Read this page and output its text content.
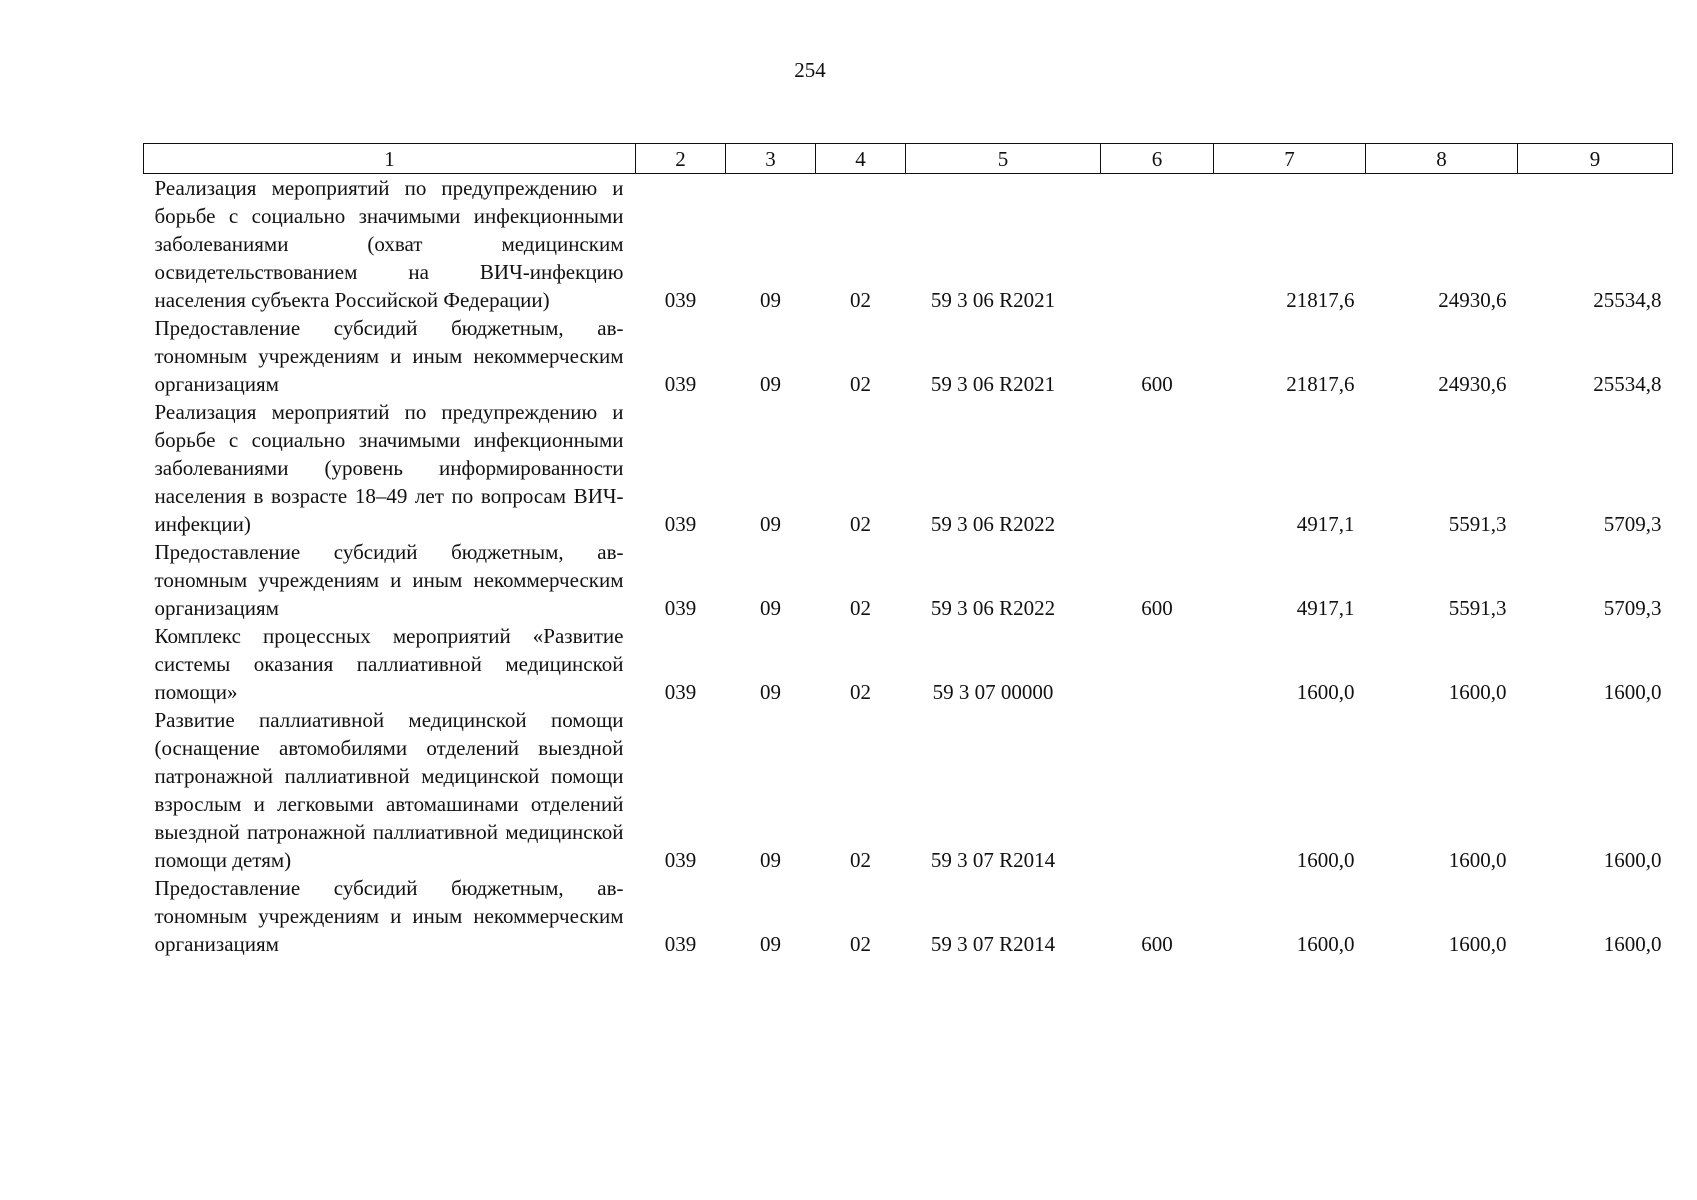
254
1	2	3	4	5	6	7	8	9
Реализация мероприятий по предупреждению и борьбе с социально значимыми инфекционными заболеваниями (охват медицинским освидетельствованием на ВИЧ-инфекцию населения субъекта Российской Федерации)	039	09	02	59 3 06 R2021		21817,6	24930,6	25534,8
Предоставление субсидий бюджетным, автономным учреждениям и иным некоммерческим организациям	039	09	02	59 3 06 R2021	600	21817,6	24930,6	25534,8
Реализация мероприятий по предупреждению и борьбе с социально значимыми инфекционными заболеваниями (уровень информированности населения в возрасте 18–49 лет по вопросам ВИЧ-инфекции)	039	09	02	59 3 06 R2022		4917,1	5591,3	5709,3
Предоставление субсидий бюджетным, автономным учреждениям и иным некоммерческим организациям	039	09	02	59 3 06 R2022	600	4917,1	5591,3	5709,3
Комплекс процессных мероприятий «Развитие системы оказания паллиативной медицинской помощи»	039	09	02	59 3 07 00000		1600,0	1600,0	1600,0
Развитие паллиативной медицинской помощи (оснащение автомобилями отделений выездной патронажной паллиативной медицинской помощи взрослым и легковыми автомашинами отделений выездной патронажной паллиативной медицинской помощи детям)	039	09	02	59 3 07 R2014		1600,0	1600,0	1600,0
Предоставление субсидий бюджетным, автономным учреждениям и иным некоммерческим организациям	039	09	02	59 3 07 R2014	600	1600,0	1600,0	1600,0
